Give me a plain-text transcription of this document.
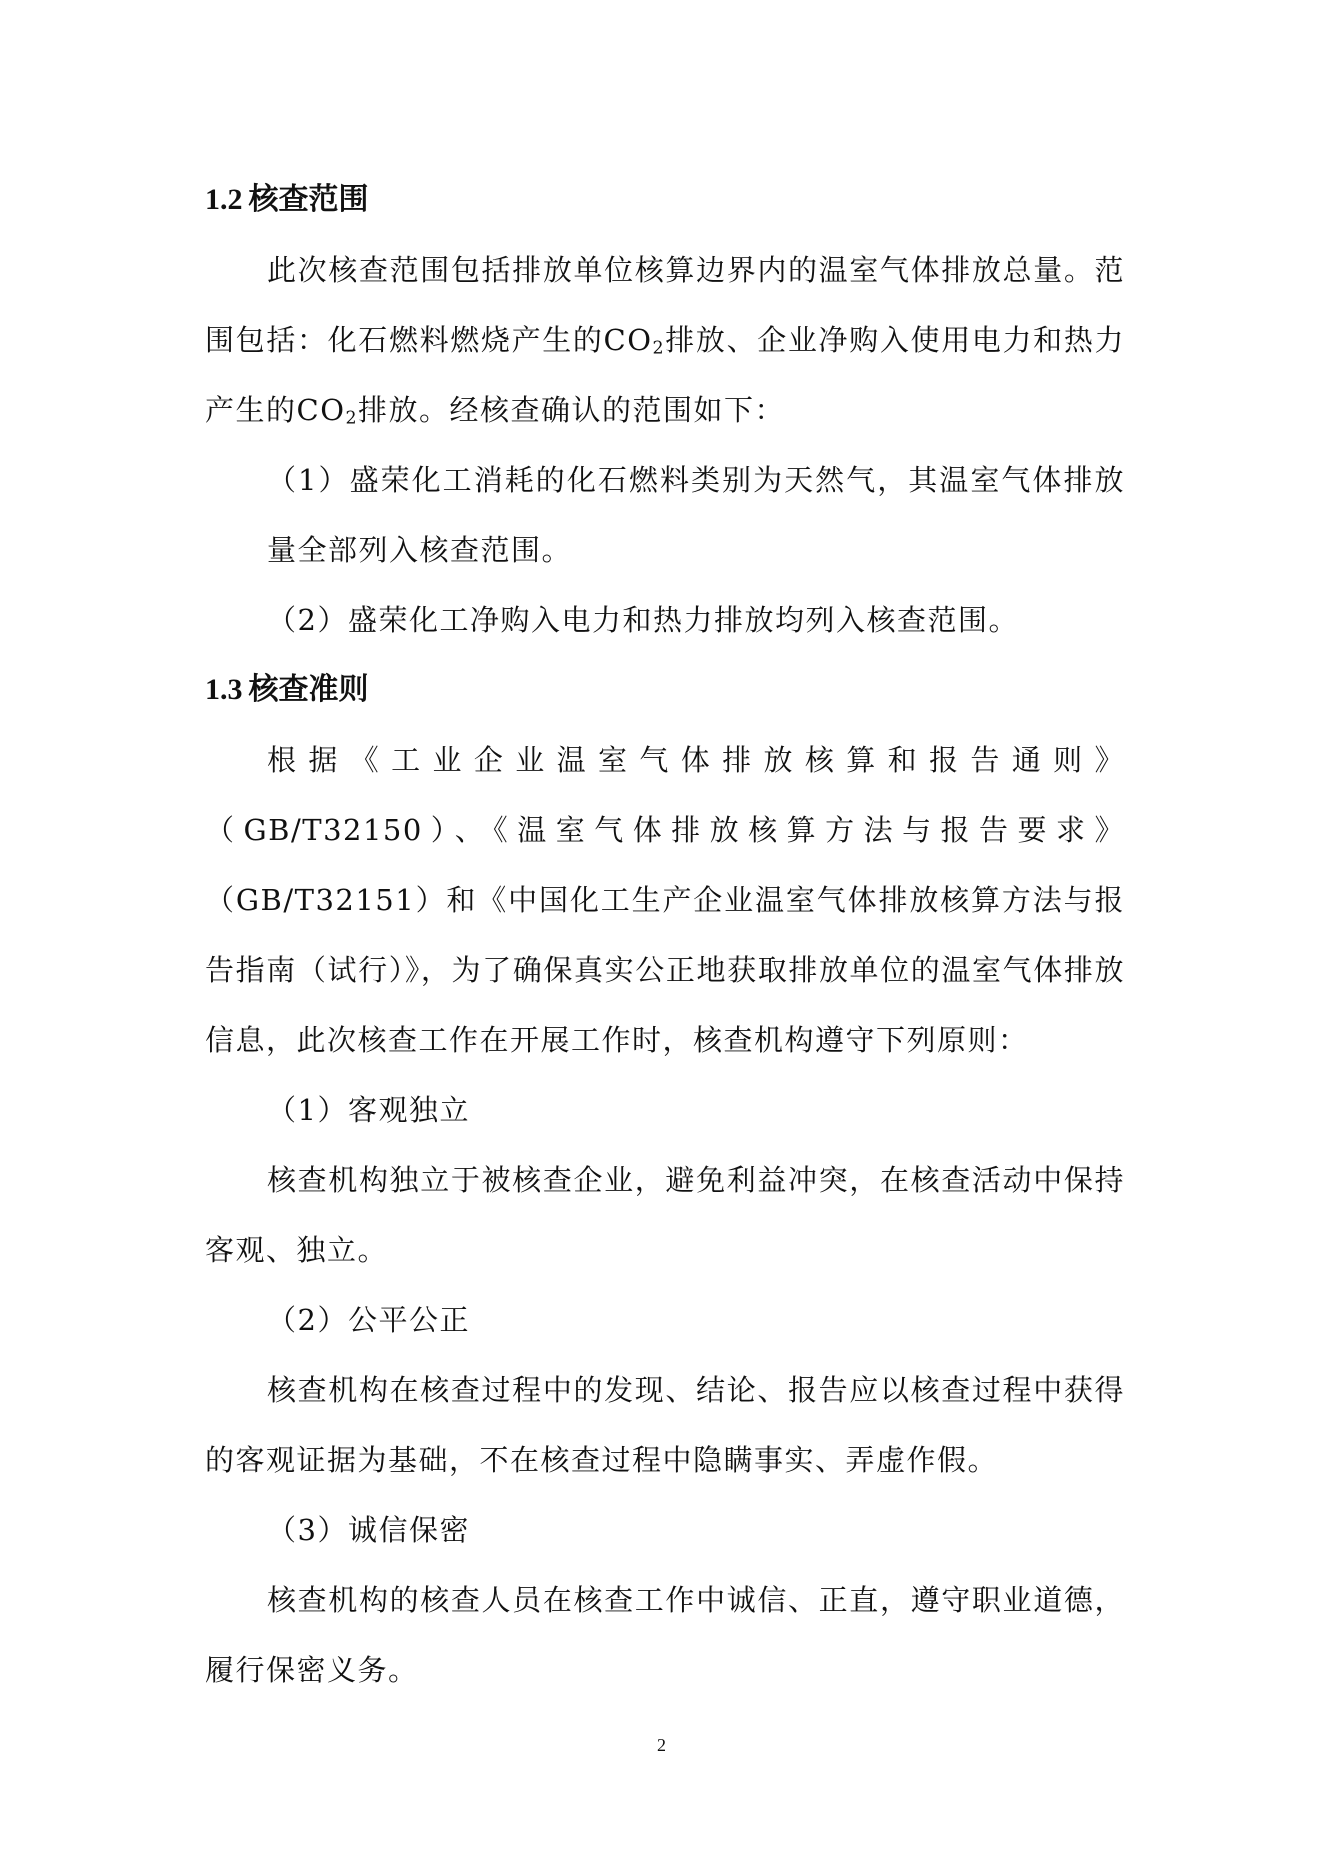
1.2 核查范围

此次核查范围包括排放单位核算边界内的温室气体排放总量。范围包括：化石燃料燃烧产生的$CO_2$排放、企业净购入使用电力和热力产生的$CO_2$排放。经核查确认的范围如下：

（1）盛荣化工消耗的化石燃料类别为天然气，其温室气体排放量全部列入核查范围。

（2）盛荣化工净购入电力和热力排放均列入核查范围。

1.3 核查准则

根据《工业企业温室气体排放核算和报告通则》（GB/T32150）、《温室气体排放核算方法与报告要求》（GB/T32151）和《中国化工生产企业温室气体排放核算方法与报告指南（试行）》，为了确保真实公正地获取排放单位的温室气体排放信息，此次核查工作在开展工作时，核查机构遵守下列原则：

（1）客观独立

核查机构独立于被核查企业，避免利益冲突，在核查活动中保持客观、独立。

（2）公平公正

核查机构在核查过程中的发现、结论、报告应以核查过程中获得的客观证据为基础，不在核查过程中隐瞒事实、弄虚作假。

（3）诚信保密

核查机构的核查人员在核查工作中诚信、正直，遵守职业道德，履行保密义务。

2
